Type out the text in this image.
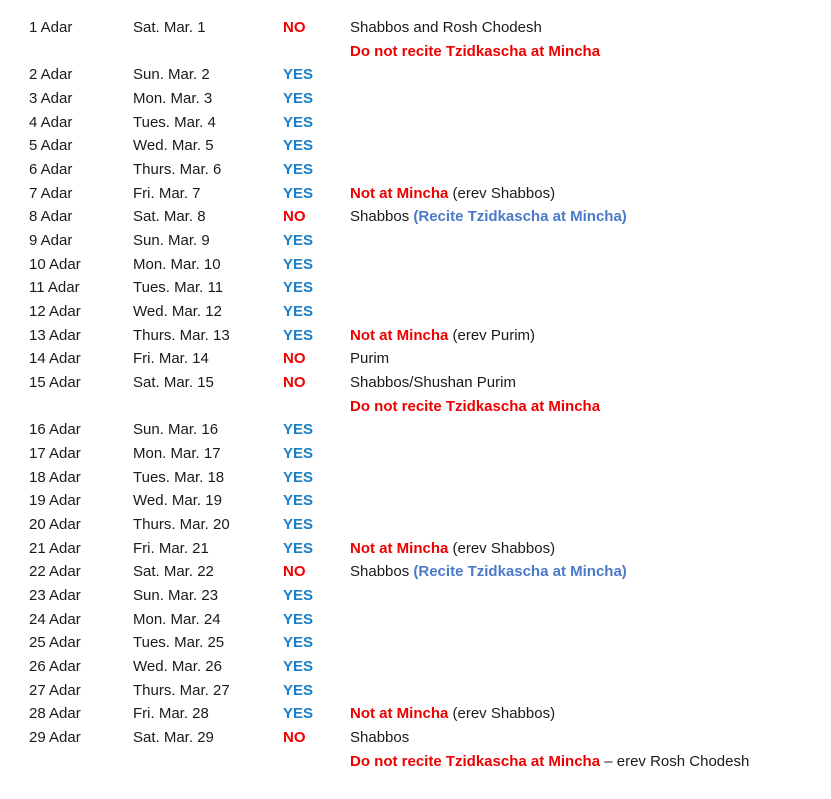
1 Adar	Sat. Mar. 1	NO	Shabbos and Rosh Chodesh
Do not recite Tzidkascha at Mincha
2 Adar	Sun. Mar. 2	YES
3 Adar	Mon. Mar. 3	YES
4 Adar	Tues. Mar. 4	YES
5 Adar	Wed. Mar. 5	YES
6 Adar	Thurs. Mar. 6	YES
7 Adar	Fri. Mar. 7	YES Not at Mincha (erev Shabbos)
8 Adar	Sat. Mar. 8	NO	Shabbos (Recite Tzidkascha at Mincha)
9 Adar	Sun. Mar. 9	YES
10 Adar	Mon. Mar. 10	YES
11 Adar	Tues. Mar. 11	YES
12 Adar	Wed. Mar. 12	YES
13 Adar	Thurs. Mar. 13	YES Not at Mincha (erev Purim)
14 Adar	Fri. Mar. 14	NO	Purim
15 Adar	Sat. Mar. 15	NO	Shabbos/Shushan Purim
Do not recite Tzidkascha at Mincha
16 Adar	Sun. Mar. 16	YES
17 Adar	Mon. Mar. 17	YES
18 Adar	Tues. Mar. 18	YES
19 Adar	Wed. Mar. 19	YES
20 Adar	Thurs. Mar. 20	YES
21 Adar	Fri. Mar. 21	YES Not at Mincha (erev Shabbos)
22 Adar	Sat. Mar. 22	NO	Shabbos (Recite Tzidkascha at Mincha)
23 Adar	Sun. Mar. 23	YES
24 Adar	Mon. Mar. 24	YES
25 Adar	Tues. Mar. 25	YES
26 Adar	Wed. Mar. 26	YES
27 Adar	Thurs. Mar. 27	YES
28 Adar	Fri. Mar. 28	YES Not at Mincha (erev Shabbos)
29 Adar	Sat. Mar. 29	NO	Shabbos
Do not recite Tzidkascha at Mincha – erev Rosh Chodesh
